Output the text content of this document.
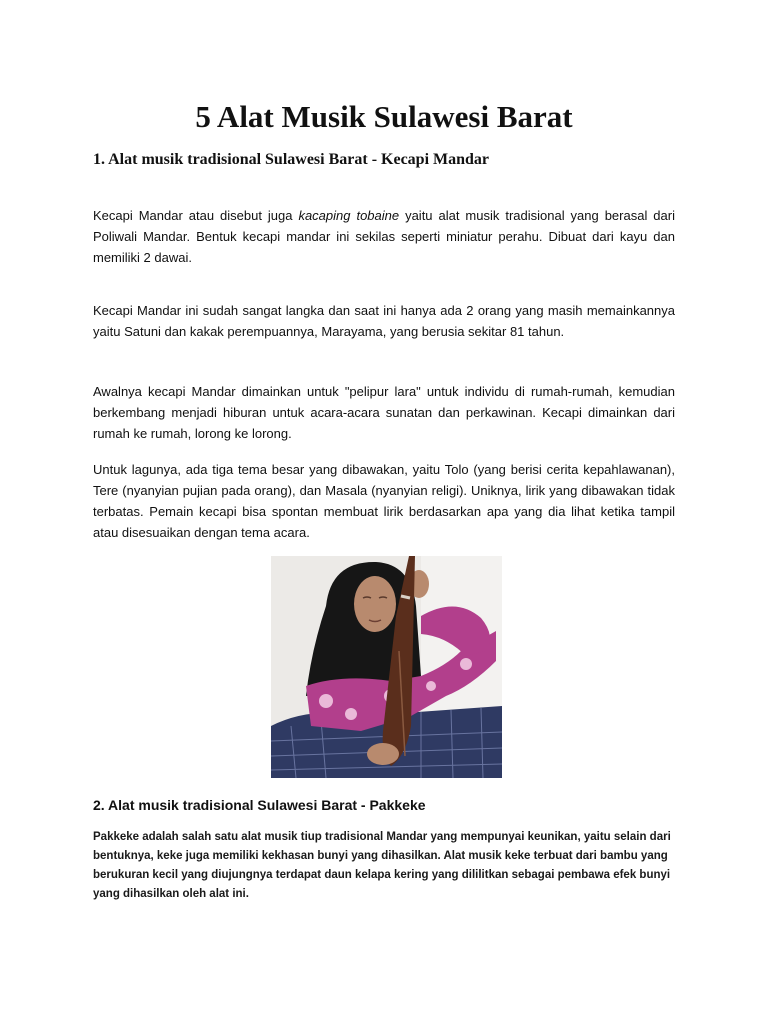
5 Alat Musik Sulawesi Barat
1. Alat musik tradisional Sulawesi Barat - Kecapi Mandar

Kecapi Mandar atau disebut juga kacaping tobaine yaitu alat musik tradisional yang berasal dari Poliwali Mandar. Bentuk kecapi mandar ini sekilas seperti miniatur perahu. Dibuat dari kayu dan memiliki 2 dawai.

Kecapi Mandar ini sudah sangat langka dan saat ini hanya ada 2 orang yang masih memainkannya yaitu Satuni dan kakak perempuannya, Marayama, yang berusia sekitar 81 tahun.

Awalnya kecapi Mandar dimainkan untuk "pelipur lara" untuk individu di rumah-rumah, kemudian berkembang menjadi hiburan untuk acara-acara sunatan dan perkawinan. Kecapi dimainkan dari rumah ke rumah, lorong ke lorong.

Untuk lagunya, ada tiga tema besar yang dibawakan, yaitu Tolo (yang berisi cerita kepahlawanan), Tere (nyanyian pujian pada orang), dan Masala (nyanyian religi). Uniknya, lirik yang dibawakan tidak terbatas. Pemain kecapi bisa spontan membuat lirik berdasarkan apa yang dia lihat ketika tampil atau disesuaikan dengan tema acara.

2. Alat musik tradisional Sulawesi Barat - Pakkeke

Pakkeke adalah salah satu alat musik tiup tradisional Mandar yang mempunyai keunikan, yaitu selain dari bentuknya, keke juga memiliki kekhasan bunyi yang dihasilkan. Alat musik keke terbuat dari bambu yang berukuran kecil yang diujungnya terdapat daun kelapa kering yang dililitkan sebagai pembawa efek bunyi yang dihasilkan oleh alat ini.
